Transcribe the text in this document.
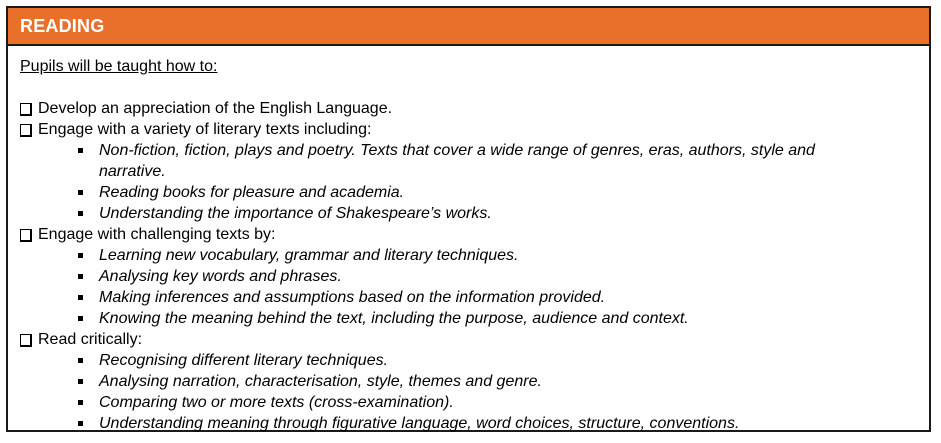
READING

Pupils will be taught how to:

Develop an appreciation of the English Language.
Engage with a variety of literary texts including:
Non-fiction, fiction, plays and poetry. Texts that cover a wide range of genres, eras, authors, style and narrative.
Reading books for pleasure and academia.
Understanding the importance of Shakespeare’s works.
Engage with challenging texts by:
Learning new vocabulary, grammar and literary techniques.
Analysing key words and phrases.
Making inferences and assumptions based on the information provided.
Knowing the meaning behind the text, including the purpose, audience and context.
Read critically:
Recognising different literary techniques.
Analysing narration, characterisation, style, themes and genre.
Comparing two or more texts (cross-examination).
Understanding meaning through figurative language, word choices, structure, conventions.
